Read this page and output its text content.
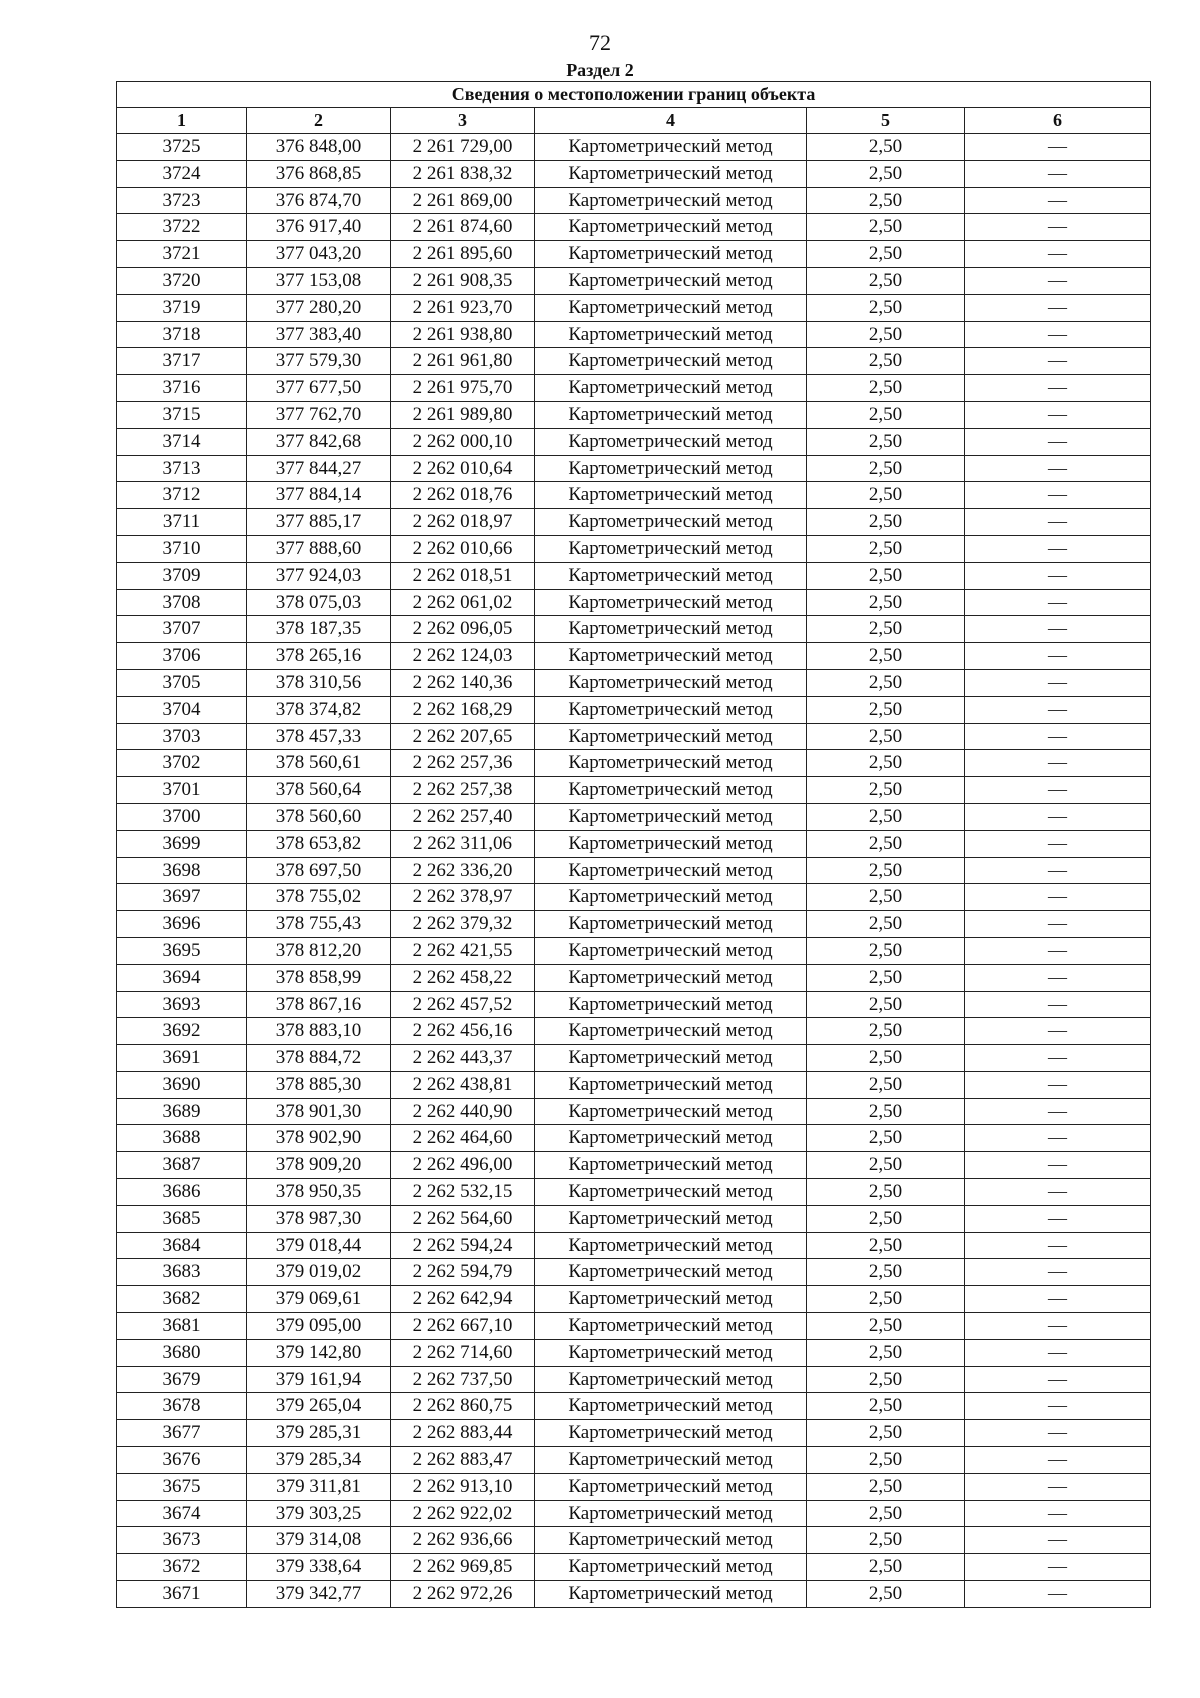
72
Раздел 2
Сведения о местоположении границ объекта					
1	2	3	4	5	6
3725	376 848,00	2 261 729,00	Картометрический метод	2,50	—
3724	376 868,85	2 261 838,32	Картометрический метод	2,50	—
3723	376 874,70	2 261 869,00	Картометрический метод	2,50	—
3722	376 917,40	2 261 874,60	Картометрический метод	2,50	—
3721	377 043,20	2 261 895,60	Картометрический метод	2,50	—
3720	377 153,08	2 261 908,35	Картометрический метод	2,50	—
3719	377 280,20	2 261 923,70	Картометрический метод	2,50	—
3718	377 383,40	2 261 938,80	Картометрический метод	2,50	—
3717	377 579,30	2 261 961,80	Картометрический метод	2,50	—
3716	377 677,50	2 261 975,70	Картометрический метод	2,50	—
3715	377 762,70	2 261 989,80	Картометрический метод	2,50	—
3714	377 842,68	2 262 000,10	Картометрический метод	2,50	—
3713	377 844,27	2 262 010,64	Картометрический метод	2,50	—
3712	377 884,14	2 262 018,76	Картометрический метод	2,50	—
3711	377 885,17	2 262 018,97	Картометрический метод	2,50	—
3710	377 888,60	2 262 010,66	Картометрический метод	2,50	—
3709	377 924,03	2 262 018,51	Картометрический метод	2,50	—
3708	378 075,03	2 262 061,02	Картометрический метод	2,50	—
3707	378 187,35	2 262 096,05	Картометрический метод	2,50	—
3706	378 265,16	2 262 124,03	Картометрический метод	2,50	—
3705	378 310,56	2 262 140,36	Картометрический метод	2,50	—
3704	378 374,82	2 262 168,29	Картометрический метод	2,50	—
3703	378 457,33	2 262 207,65	Картометрический метод	2,50	—
3702	378 560,61	2 262 257,36	Картометрический метод	2,50	—
3701	378 560,64	2 262 257,38	Картометрический метод	2,50	—
3700	378 560,60	2 262 257,40	Картометрический метод	2,50	—
3699	378 653,82	2 262 311,06	Картометрический метод	2,50	—
3698	378 697,50	2 262 336,20	Картометрический метод	2,50	—
3697	378 755,02	2 262 378,97	Картометрический метод	2,50	—
3696	378 755,43	2 262 379,32	Картометрический метод	2,50	—
3695	378 812,20	2 262 421,55	Картометрический метод	2,50	—
3694	378 858,99	2 262 458,22	Картометрический метод	2,50	—
3693	378 867,16	2 262 457,52	Картометрический метод	2,50	—
3692	378 883,10	2 262 456,16	Картометрический метод	2,50	—
3691	378 884,72	2 262 443,37	Картометрический метод	2,50	—
3690	378 885,30	2 262 438,81	Картометрический метод	2,50	—
3689	378 901,30	2 262 440,90	Картометрический метод	2,50	—
3688	378 902,90	2 262 464,60	Картометрический метод	2,50	—
3687	378 909,20	2 262 496,00	Картометрический метод	2,50	—
3686	378 950,35	2 262 532,15	Картометрический метод	2,50	—
3685	378 987,30	2 262 564,60	Картометрический метод	2,50	—
3684	379 018,44	2 262 594,24	Картометрический метод	2,50	—
3683	379 019,02	2 262 594,79	Картометрический метод	2,50	—
3682	379 069,61	2 262 642,94	Картометрический метод	2,50	—
3681	379 095,00	2 262 667,10	Картометрический метод	2,50	—
3680	379 142,80	2 262 714,60	Картометрический метод	2,50	—
3679	379 161,94	2 262 737,50	Картометрический метод	2,50	—
3678	379 265,04	2 262 860,75	Картометрический метод	2,50	—
3677	379 285,31	2 262 883,44	Картометрический метод	2,50	—
3676	379 285,34	2 262 883,47	Картометрический метод	2,50	—
3675	379 311,81	2 262 913,10	Картометрический метод	2,50	—
3674	379 303,25	2 262 922,02	Картометрический метод	2,50	—
3673	379 314,08	2 262 936,66	Картометрический метод	2,50	—
3672	379 338,64	2 262 969,85	Картометрический метод	2,50	—
3671	379 342,77	2 262 972,26	Картометрический метод	2,50	—
